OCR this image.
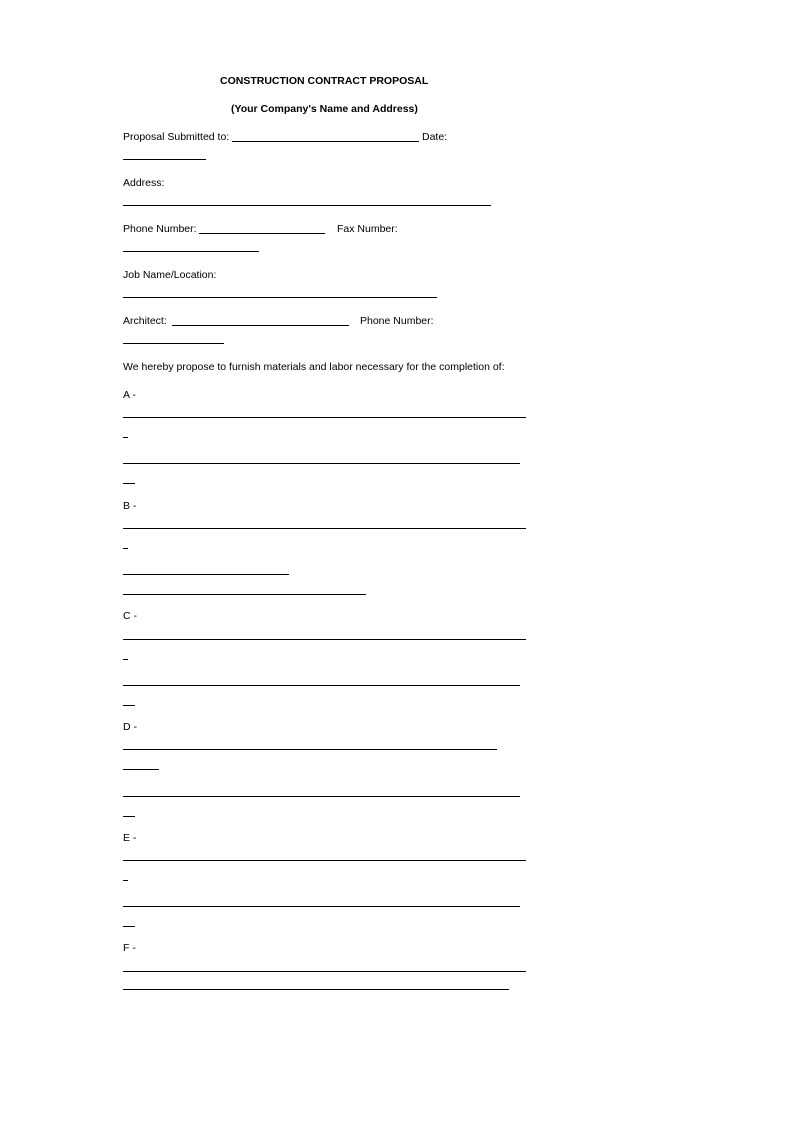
CONSTRUCTION CONTRACT PROPOSAL
(Your Company's Name and Address)
Proposal Submitted to:	Date:
Address:
Phone Number:	Fax Number:
Job Name/Location:
Architect:	Phone Number:
We hereby propose to furnish materials and labor necessary for the completion of:
A -
B -
C -
D -
E -
F -
